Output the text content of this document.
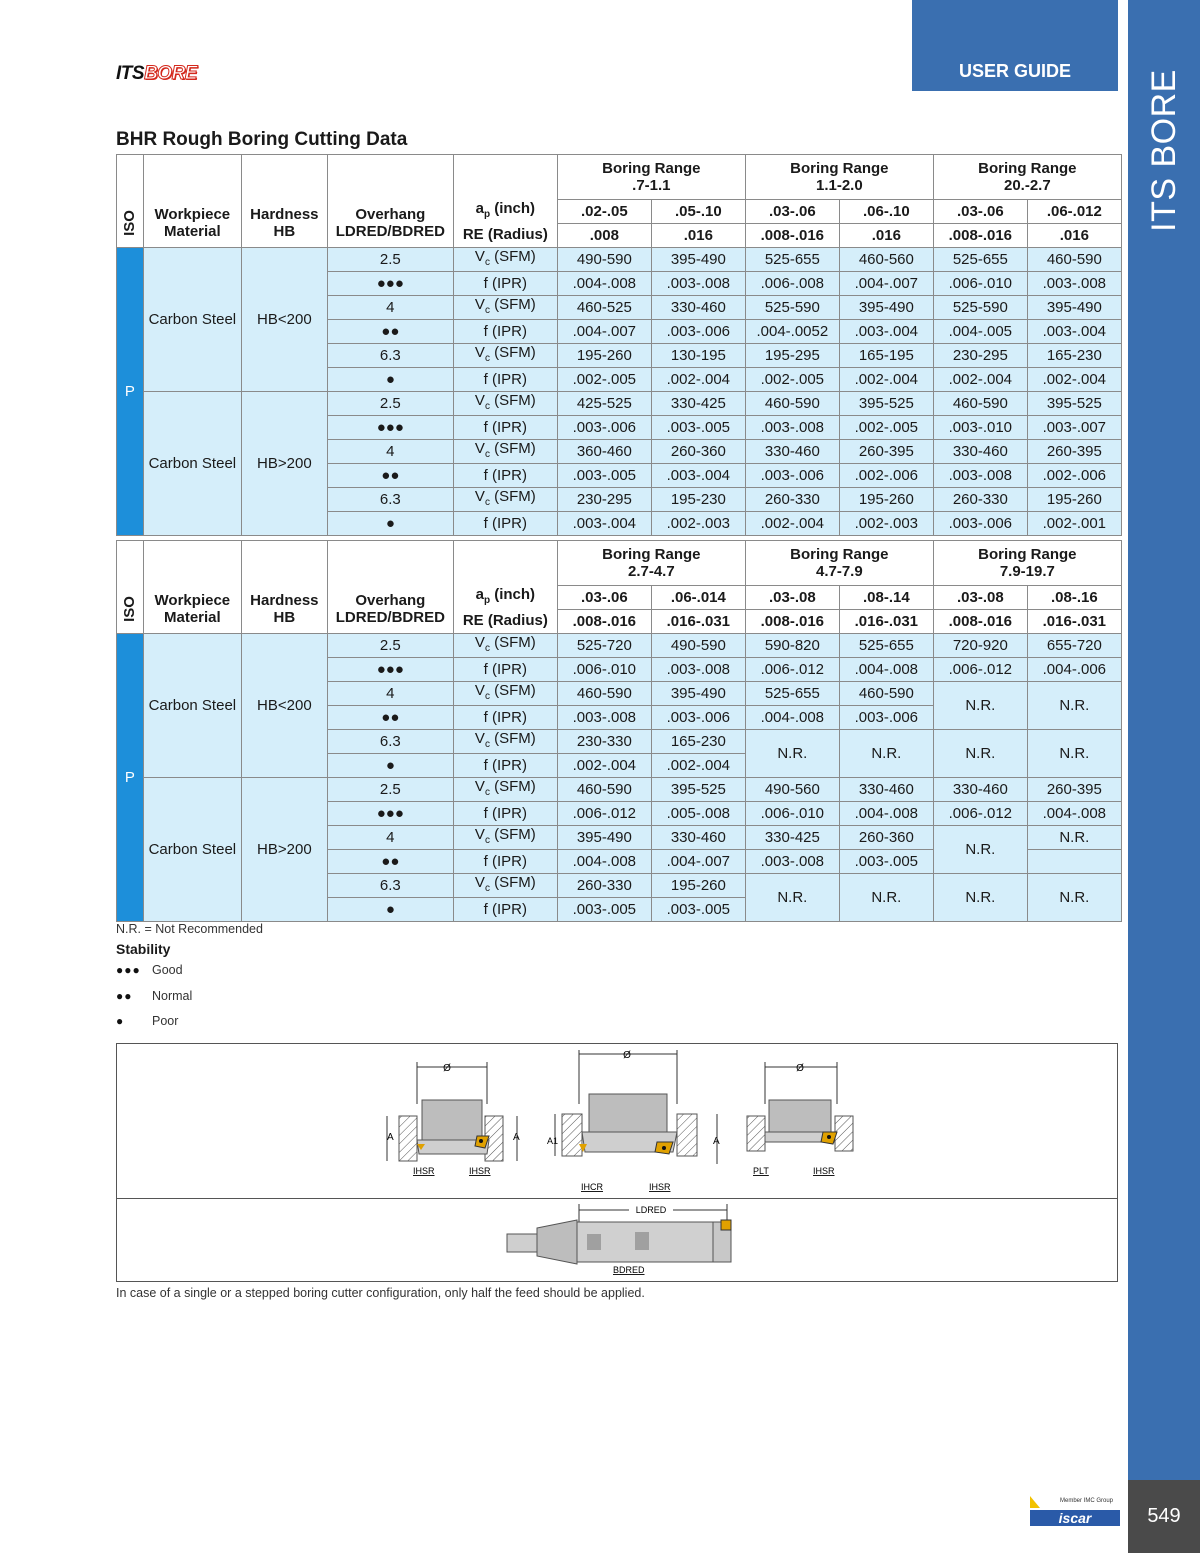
ITS BORE
549
USER GUIDE
ITSBORE
BHR Rough Boring Cutting Data
					Boring Range
.7-1.1		Boring Range
1.1-2.0		Boring Range
20.-2.7	
ISO	Workpiece
Material	Hardness
HB	Overhang
LDRED/BDRED	$a_p$ (inch)	.02-.05	.05-.10	.03-.06	.06-.10	.03-.06	.06-.012
				RE (Radius)	.008	.016	.008-.016	.016	.008-.016	.016
P	Carbon Steel	HB<200	2.5	$V_c$ (SFM)	490-590	395-490	525-655	460-560	525-655	460-590
			●●●	f (IPR)	.004-.008	.003-.008	.006-.008	.004-.007	.006-.010	.003-.008
			4	$V_c$ (SFM)	460-525	330-460	525-590	395-490	525-590	395-490
			●●	f (IPR)	.004-.007	.003-.006	.004-.0052	.003-.004	.004-.005	.003-.004
			6.3	$V_c$ (SFM)	195-260	130-195	195-295	165-195	230-295	165-230
			●	f (IPR)	.002-.005	.002-.004	.002-.005	.002-.004	.002-.004	.002-.004
	Carbon Steel	HB>200	2.5	$V_c$ (SFM)	425-525	330-425	460-590	395-525	460-590	395-525
			●●●	f (IPR)	.003-.006	.003-.005	.003-.008	.002-.005	.003-.010	.003-.007
			4	$V_c$ (SFM)	360-460	260-360	330-460	260-395	330-460	260-395
			●●	f (IPR)	.003-.005	.003-.004	.003-.006	.002-.006	.003-.008	.002-.006
			6.3	$V_c$ (SFM)	230-295	195-230	260-330	195-260	260-330	195-260
			●	f (IPR)	.003-.004	.002-.003	.002-.004	.002-.003	.003-.006	.002-.001
					Boring Range
2.7-4.7		Boring Range
4.7-7.9		Boring Range
7.9-19.7	
ISO	Workpiece
Material	Hardness
HB	Overhang
LDRED/BDRED	$a_p$ (inch)	.03-.06	.06-.014	.03-.08	.08-.14	.03-.08	.08-.16
				RE (Radius)	.008-.016	.016-.031	.008-.016	.016-.031	.008-.016	.016-.031
P	Carbon Steel	HB<200	2.5	$V_c$ (SFM)	525-720	490-590	590-820	525-655	720-920	655-720
			●●●	f (IPR)	.006-.010	.003-.008	.006-.012	.004-.008	.006-.012	.004-.006
			4	$V_c$ (SFM)	460-590	395-490	525-655	460-590	N.R.	N.R.
			●●	f (IPR)	.003-.008	.003-.006	.004-.008	.003-.006		
			6.3	$V_c$ (SFM)	230-330	165-230	N.R.	N.R.	N.R.	N.R.
			●	f (IPR)	.002-.004	.002-.004				
	Carbon Steel	HB>200	2.5	$V_c$ (SFM)	460-590	395-525	490-560	330-460	330-460	260-395
			●●●	f (IPR)	.006-.012	.005-.008	.006-.010	.004-.008	.006-.012	.004-.008
			4	$V_c$ (SFM)	395-490	330-460	330-425	260-360	N.R.	N.R.
			●●	f (IPR)	.004-.008	.004-.007	.003-.008	.003-.005		
			6.3	$V_c$ (SFM)	260-330	195-260	N.R.	N.R.	N.R.	N.R.
			●	f (IPR)	.003-.005	.003-.005				
N.R. = Not Recommended
Stability
●●● Good
●● Normal
● Poor
Ø
A	A
IHSR	IHSR
Ø
A1	A
IHCR	IHSR
Ø
PLT	IHSR
LDRED
BDRED
In case of a single or a stepped boring cutter configuration, only half the feed should be applied.
Member IMC Group
iscar
